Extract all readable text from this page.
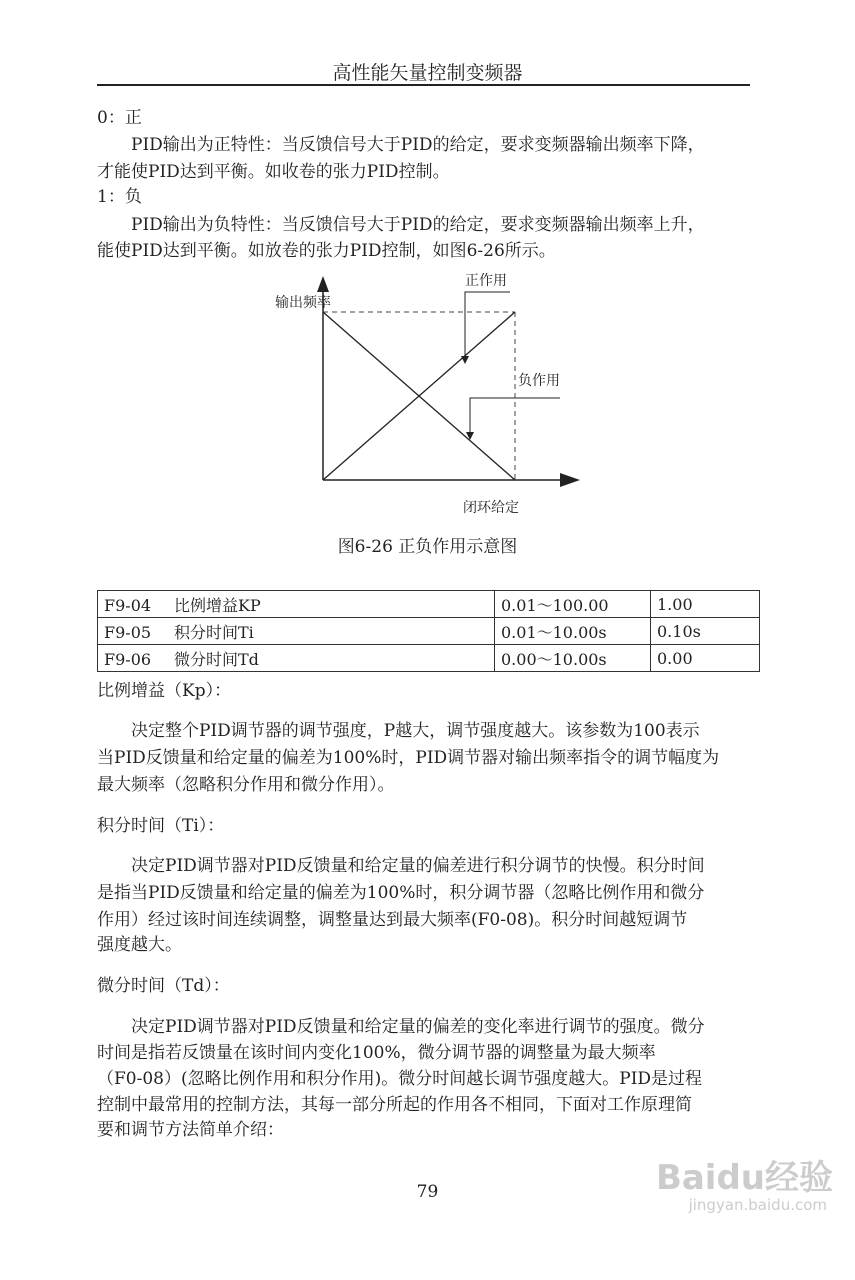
高性能矢量控制变频器
0：正
PID输出为正特性：当反馈信号大于PID的给定，要求变频器输出频率下降，
才能使PID达到平衡。如收卷的张力PID控制。
1：负
PID输出为负特性：当反馈信号大于PID的给定，要求变频器输出频率上升，
能使PID达到平衡。如放卷的张力PID控制，如图6-26所示。
输出频率
闭环给定
正作用
负作用
图6-26 正负作用示意图
F9-04 比例增益KP	0.01～100.00	1.00
F9-05 积分时间Ti	0.01～10.00s	0.10s
F9-06 微分时间Td	0.00～10.00s	0.00
比例增益（Kp）：
决定整个PID调节器的调节强度，P越大，调节强度越大。该参数为100表示
当PID反馈量和给定量的偏差为100%时，PID调节器对输出频率指令的调节幅度为
最大频率（忽略积分作用和微分作用）。
积分时间（Ti）：
决定PID调节器对PID反馈量和给定量的偏差进行积分调节的快慢。积分时间
是指当PID反馈量和给定量的偏差为100%时，积分调节器（忽略比例作用和微分
作用）经过该时间连续调整，调整量达到最大频率(F0-08)。积分时间越短调节
强度越大。
微分时间（Td）：
决定PID调节器对PID反馈量和给定量的偏差的变化率进行调节的强度。微分
时间是指若反馈量在该时间内变化100%，微分调节器的调整量为最大频率
（F0-08）(忽略比例作用和积分作用)。微分时间越长调节强度越大。PID是过程
控制中最常用的控制方法，其每一部分所起的作用各不相同，下面对工作原理简
要和调节方法简单介绍：
79	Baidu经验
jingyan.baidu.com
